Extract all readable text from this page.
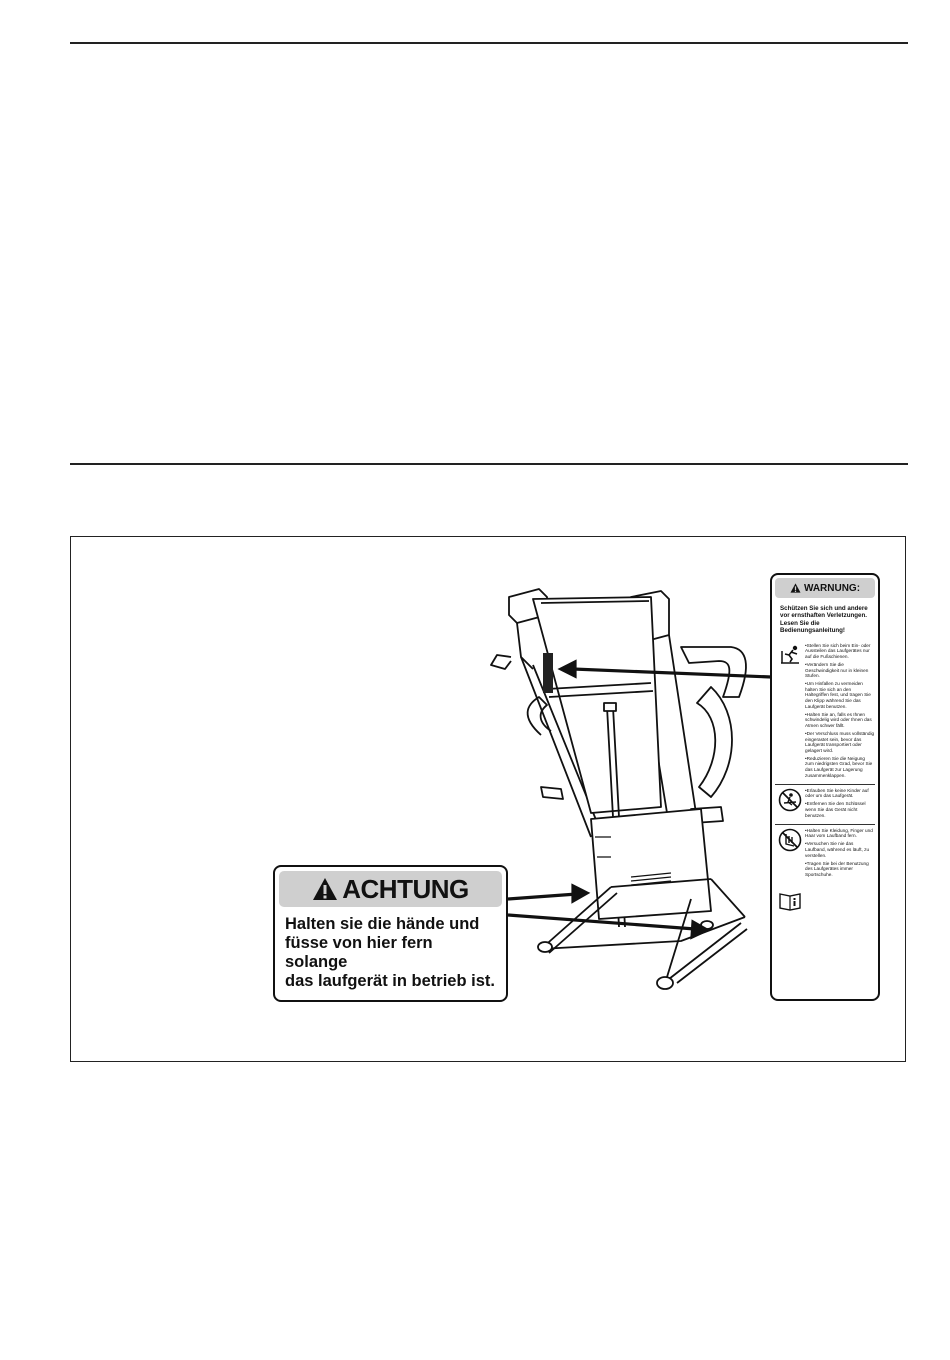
ACHTUNG
Halten sie die hände und
füsse von hier fern solange
das laufgerät in betrieb ist.
WARNUNG:
Schützen Sie sich und andere vor ernsthaften Verletzungen. Lesen Sie die Bedienungsanleitung!
•Stellen Sie sich beim Ein- oder Aussteilen das Laufgerätes nur auf die Fußschienen.
•Verändern Sie die Geschwindigkeit nur in kleinen Stufen.
•Um Hinfallen zu vermeiden halten Sie sich an den Haltegriffen fest, und tragen Sie den Klipp während Sie das Laufgerät benutzen.
•Halten Sie an, falls es Ihnen schwindelig wird oder Ihnen das Atmen schwer fällt.
•Der Verschluss muss vollständig eingerastet sein, bevor das Laufgerät transportiert oder gelagert wird.
•Reduzieren Sie die Neigung zum niedrigsten Grad, bevor Sie das Laufgerät zur Lagerung zusammenklappen.
•Erlauben Sie keine Kinder auf oder um das Laufgerät.
•Entfernen Sie den Schlüssel wenn Sie das Gerät nicht benutzen.
•Halten Sie Kleidung, Finger und Haar vom Laufband fern.
•Versuchen Sie nie das Laufband, während es läuft, zu verstellen.
•Tragen Sie bei der Benutzung des Laufgerätes immer Sportschuhe.
